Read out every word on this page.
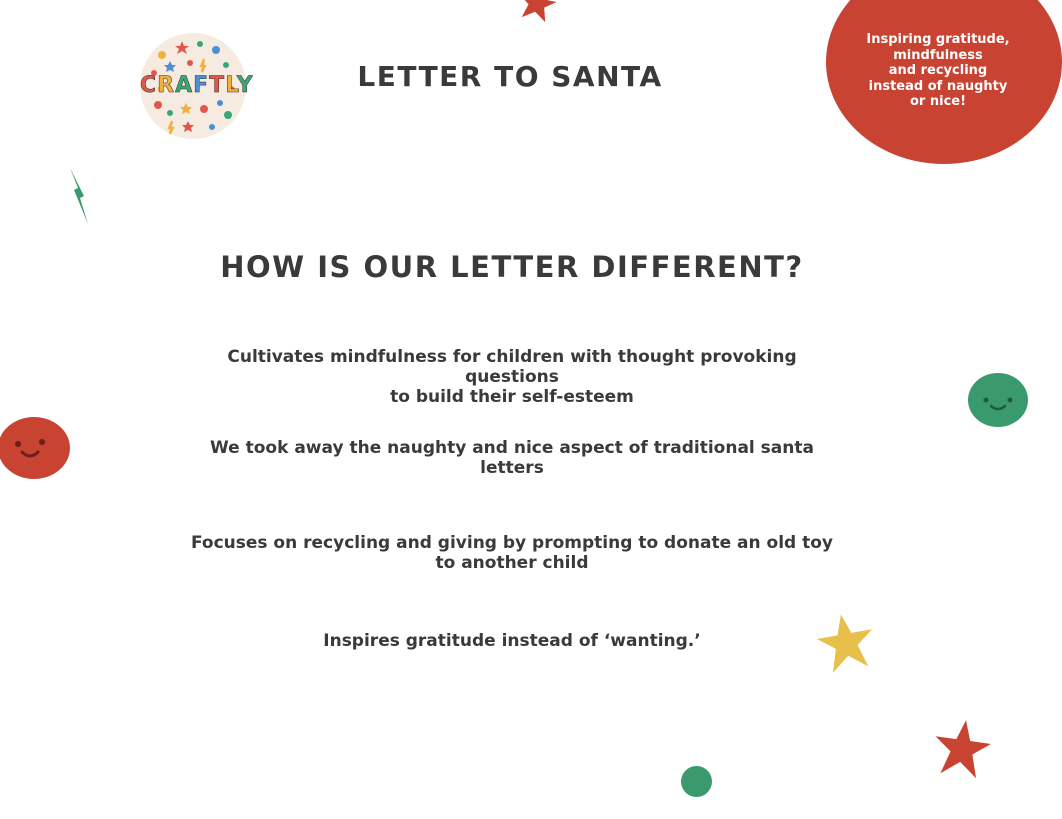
CRAFTLY	LETTER TO SANTA
Inspiring gratitude,
mindfulness
and recycling
instead of naughty
or nice!
HOW IS OUR LETTER DIFFERENT?
Cultivates mindfulness for children with thought provoking questions
to build their self-esteem
We took away the naughty and nice aspect of traditional santa
letters
Focuses on recycling and giving by prompting to donate an old toy
to another child
Inspires gratitude instead of ‘wanting.’
